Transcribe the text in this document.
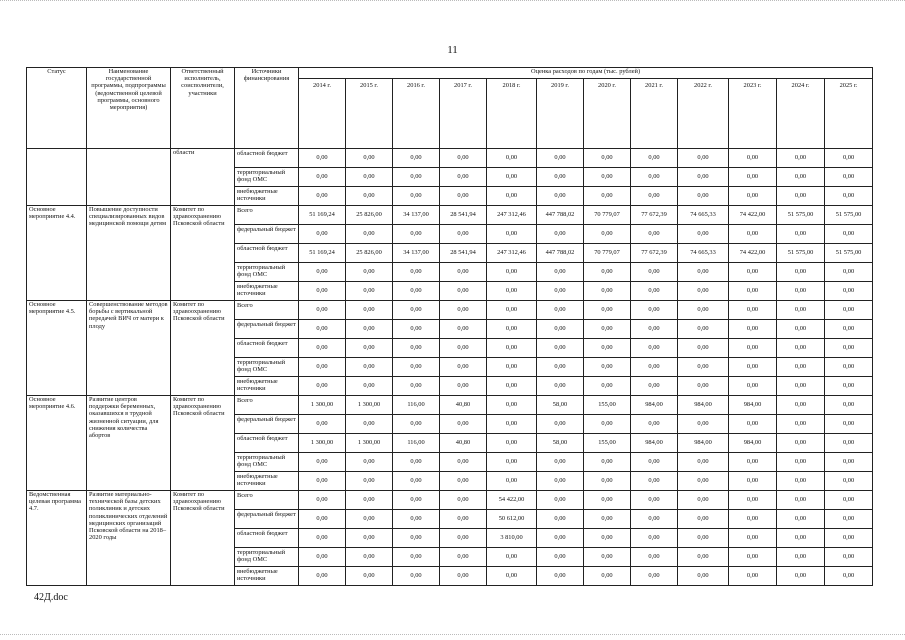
11
Статус	Наименование государственной программы, подпрограммы (ведомственной целевой программы, основного мероприятия)	Ответственный исполнитель, соисполнители, участники	Источники финансирования	Оценка расходов по годам (тыс. рублей)											
				2014 г.	2015 г.	2016 г.	2017 г.	2018 г.	2019 г.	2020 г.	2021 г.	2022 г.	2023 г.	2024 г.	2025 г.
		области	областной бюджет	0,00	0,00	0,00	0,00	0,00	0,00	0,00	0,00	0,00	0,00	0,00	0,00
			территориальный фонд ОМС	0,00	0,00	0,00	0,00	0,00	0,00	0,00	0,00	0,00	0,00	0,00	0,00
			внебюджетные источники	0,00	0,00	0,00	0,00	0,00	0,00	0,00	0,00	0,00	0,00	0,00	0,00
Основное мероприятие 4.4.	Повышение доступности специализированных видов медицинской помощи детям	Комитет по здравоохранению Псковской области	Всего	51 169,24	25 826,00	34 137,00	28 541,94	247 312,46	447 788,02	70 779,07	77 672,39	74 665,33	74 422,00	51 575,00	51 575,00
			федеральный бюджет	0,00	0,00	0,00	0,00	0,00	0,00	0,00	0,00	0,00	0,00	0,00	0,00
			областной бюджет	51 169,24	25 826,00	34 137,00	28 541,94	247 312,46	447 788,02	70 779,07	77 672,39	74 665,33	74 422,00	51 575,00	51 575,00
			территориальный фонд ОМС	0,00	0,00	0,00	0,00	0,00	0,00	0,00	0,00	0,00	0,00	0,00	0,00
			внебюджетные источники	0,00	0,00	0,00	0,00	0,00	0,00	0,00	0,00	0,00	0,00	0,00	0,00
Основное мероприятие 4.5.	Совершенствование методов борьбы с вертикальной передачей ВИЧ от матери к плоду	Комитет по здравоохранению Псковской области	Всего	0,00	0,00	0,00	0,00	0,00	0,00	0,00	0,00	0,00	0,00	0,00	0,00
			федеральный бюджет	0,00	0,00	0,00	0,00	0,00	0,00	0,00	0,00	0,00	0,00	0,00	0,00
			областной бюджет	0,00	0,00	0,00	0,00	0,00	0,00	0,00	0,00	0,00	0,00	0,00	0,00
			территориальный фонд ОМС	0,00	0,00	0,00	0,00	0,00	0,00	0,00	0,00	0,00	0,00	0,00	0,00
			внебюджетные источники	0,00	0,00	0,00	0,00	0,00	0,00	0,00	0,00	0,00	0,00	0,00	0,00
Основное мероприятие 4.6.	Развитие центров поддержки беременных, оказавшихся в трудной жизненной ситуации, для снижения количества абортов	Комитет по здравоохранению Псковской области	Всего	1 300,00	1 300,00	116,00	40,80	0,00	58,00	155,00	984,00	984,00	984,00	0,00	0,00
			федеральный бюджет	0,00	0,00	0,00	0,00	0,00	0,00	0,00	0,00	0,00	0,00	0,00	0,00
			областной бюджет	1 300,00	1 300,00	116,00	40,80	0,00	58,00	155,00	984,00	984,00	984,00	0,00	0,00
			территориальный фонд ОМС	0,00	0,00	0,00	0,00	0,00	0,00	0,00	0,00	0,00	0,00	0,00	0,00
			внебюджетные источники	0,00	0,00	0,00	0,00	0,00	0,00	0,00	0,00	0,00	0,00	0,00	0,00
Ведомственная целевая программа 4.7.	Развитие материально-технической базы детских поликлиник и детских поликлинических отделений медицинских организаций Псковской области на 2018–2020 годы	Комитет по здравоохранению Псковской области	Всего	0,00	0,00	0,00	0,00	54 422,00	0,00	0,00	0,00	0,00	0,00	0,00	0,00
			федеральный бюджет	0,00	0,00	0,00	0,00	50 612,00	0,00	0,00	0,00	0,00	0,00	0,00	0,00
			областной бюджет	0,00	0,00	0,00	0,00	3 810,00	0,00	0,00	0,00	0,00	0,00	0,00	0,00
			территориальный фонд ОМС	0,00	0,00	0,00	0,00	0,00	0,00	0,00	0,00	0,00	0,00	0,00	0,00
			внебюджетные источники	0,00	0,00	0,00	0,00	0,00	0,00	0,00	0,00	0,00	0,00	0,00	0,00
42Д.doc
